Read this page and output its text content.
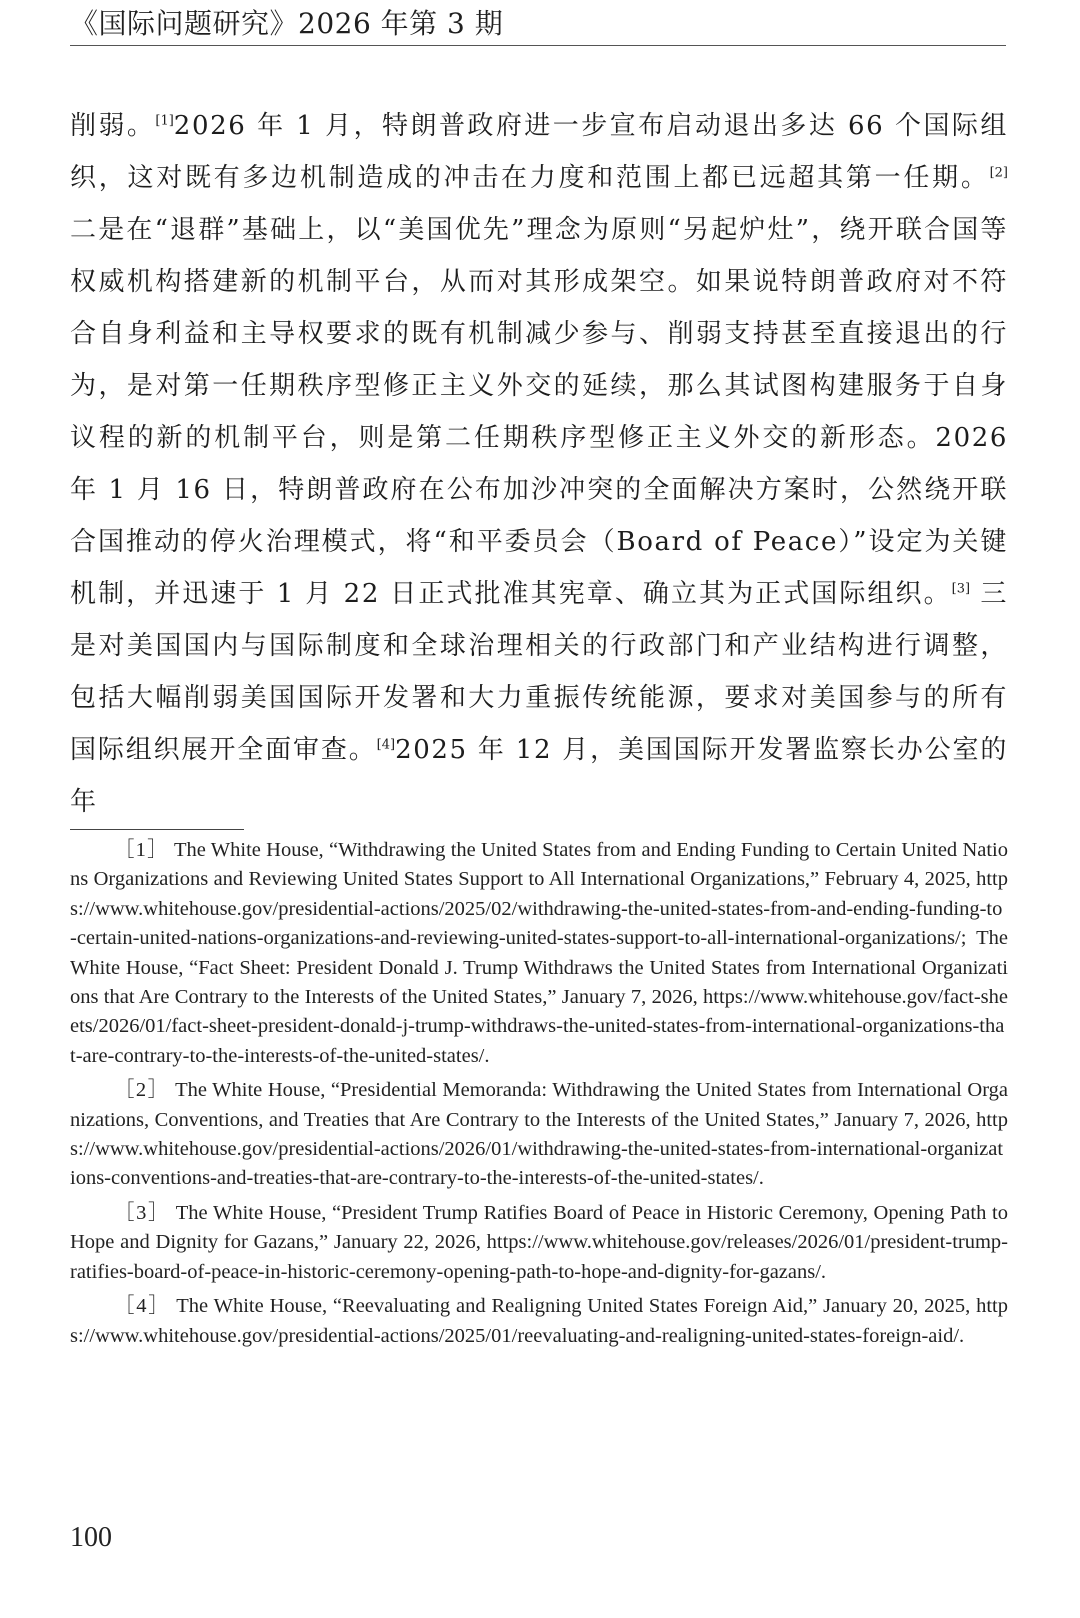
《国际问题研究》2026 年第 3 期

削弱。[1]2026 年 1 月，特朗普政府进一步宣布启动退出多达 66 个国际组织，这对既有多边机制造成的冲击在力度和范围上都已远超其第一任期。[2] 二是在“退群”基础上，以“美国优先”理念为原则“另起炉灶”，绕开联合国等权威机构搭建新的机制平台，从而对其形成架空。如果说特朗普政府对不符合自身利益和主导权要求的既有机制减少参与、削弱支持甚至直接退出的行为，是对第一任期秩序型修正主义外交的延续，那么其试图构建服务于自身议程的新的机制平台，则是第二任期秩序型修正主义外交的新形态。2026 年 1 月 16 日，特朗普政府在公布加沙冲突的全面解决方案时，公然绕开联合国推动的停火治理模式，将“和平委员会（Board of Peace）”设定为关键机制，并迅速于 1 月 22 日正式批准其宪章、确立其为正式国际组织。[3] 三是对美国国内与国际制度和全球治理相关的行政部门和产业结构进行调整，包括大幅削弱美国国际开发署和大力重振传统能源，要求对美国参与的所有国际组织展开全面审查。[4]2025 年 12 月，美国国际开发署监察长办公室的年

［1］ The White House, “Withdrawing the United States from and Ending Funding to Certain United Nations Organizations and Reviewing United States Support to All International Organizations,” February 4, 2025, https://www.whitehouse.gov/presidential-actions/2025/02/withdrawing-the-united-states-from-and-ending-funding-to-certain-united-nations-organizations-and-reviewing-united-states-support-to-all-international-organizations/; The White House, “Fact Sheet: President Donald J. Trump Withdraws the United States from International Organizations that Are Contrary to the Interests of the United States,” January 7, 2026, https://www.whitehouse.gov/fact-sheets/2026/01/fact-sheet-president-donald-j-trump-withdraws-the-united-states-from-international-organizations-that-are-contrary-to-the-interests-of-the-united-states/.

［2］ The White House, “Presidential Memoranda: Withdrawing the United States from International Organizations, Conventions, and Treaties that Are Contrary to the Interests of the United States,” January 7, 2026, https://www.whitehouse.gov/presidential-actions/2026/01/withdrawing-the-united-states-from-international-organizations-conventions-and-treaties-that-are-contrary-to-the-interests-of-the-united-states/.

［3］ The White House, “President Trump Ratifies Board of Peace in Historic Ceremony, Opening Path to Hope and Dignity for Gazans,” January 22, 2026, https://www.whitehouse.gov/releases/2026/01/president-trump-ratifies-board-of-peace-in-historic-ceremony-opening-path-to-hope-and-dignity-for-gazans/.

［4］ The White House, “Reevaluating and Realigning United States Foreign Aid,” January 20, 2025, https://www.whitehouse.gov/presidential-actions/2025/01/reevaluating-and-realigning-united-states-foreign-aid/.

100
